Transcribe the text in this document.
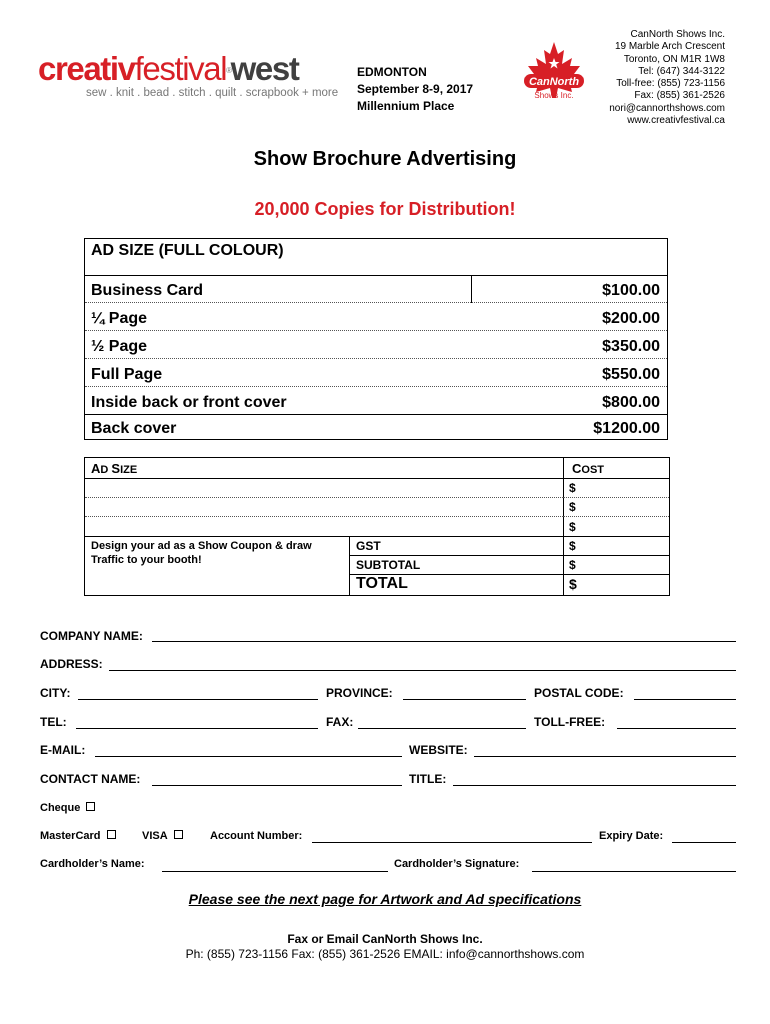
creativfestival®west
sew . knit . bead . stitch . quilt . scrapbook + more
EDMONTON
September 8-9, 2017
Millennium Place
CanNorth
Shows Inc.
CanNorth Shows Inc.
19 Marble Arch Crescent
Toronto, ON M1R 1W8
Tel: (647) 344-3122
Toll-free: (855) 723-1156
Fax: (855) 361-2526
nori@cannorthshows.com
www.creativfestival.ca
Show Brochure Advertising
20,000 Copies for Distribution!
AD SIZE (FULL COLOUR)
Business Card	$100.00
¼ Page	$200.00
½ Page	$350.00
Full Page	$550.00
Inside back or front cover	$800.00
Back cover	$1200.00
AD SIZE	COST
$
$
$
Design your ad as a Show Coupon & draw Traffic to your booth!
GST	$
SUBTOTAL	$
TOTAL	$
COMPANY NAME:
ADDRESS:
CITY:	PROVINCE:	POSTAL CODE:
TEL:	FAX:	TOLL-FREE:
E-MAIL:	WEBSITE:
CONTACT NAME:	TITLE:
Cheque
MasterCard	VISA	Account Number:	Expiry Date:
Cardholder’s Name:	Cardholder’s Signature:
Please see the next page for Artwork and Ad specifications
Fax or Email CanNorth Shows Inc.
Ph: (855) 723-1156 Fax: (855) 361-2526 EMAIL: info@cannorthshows.com
